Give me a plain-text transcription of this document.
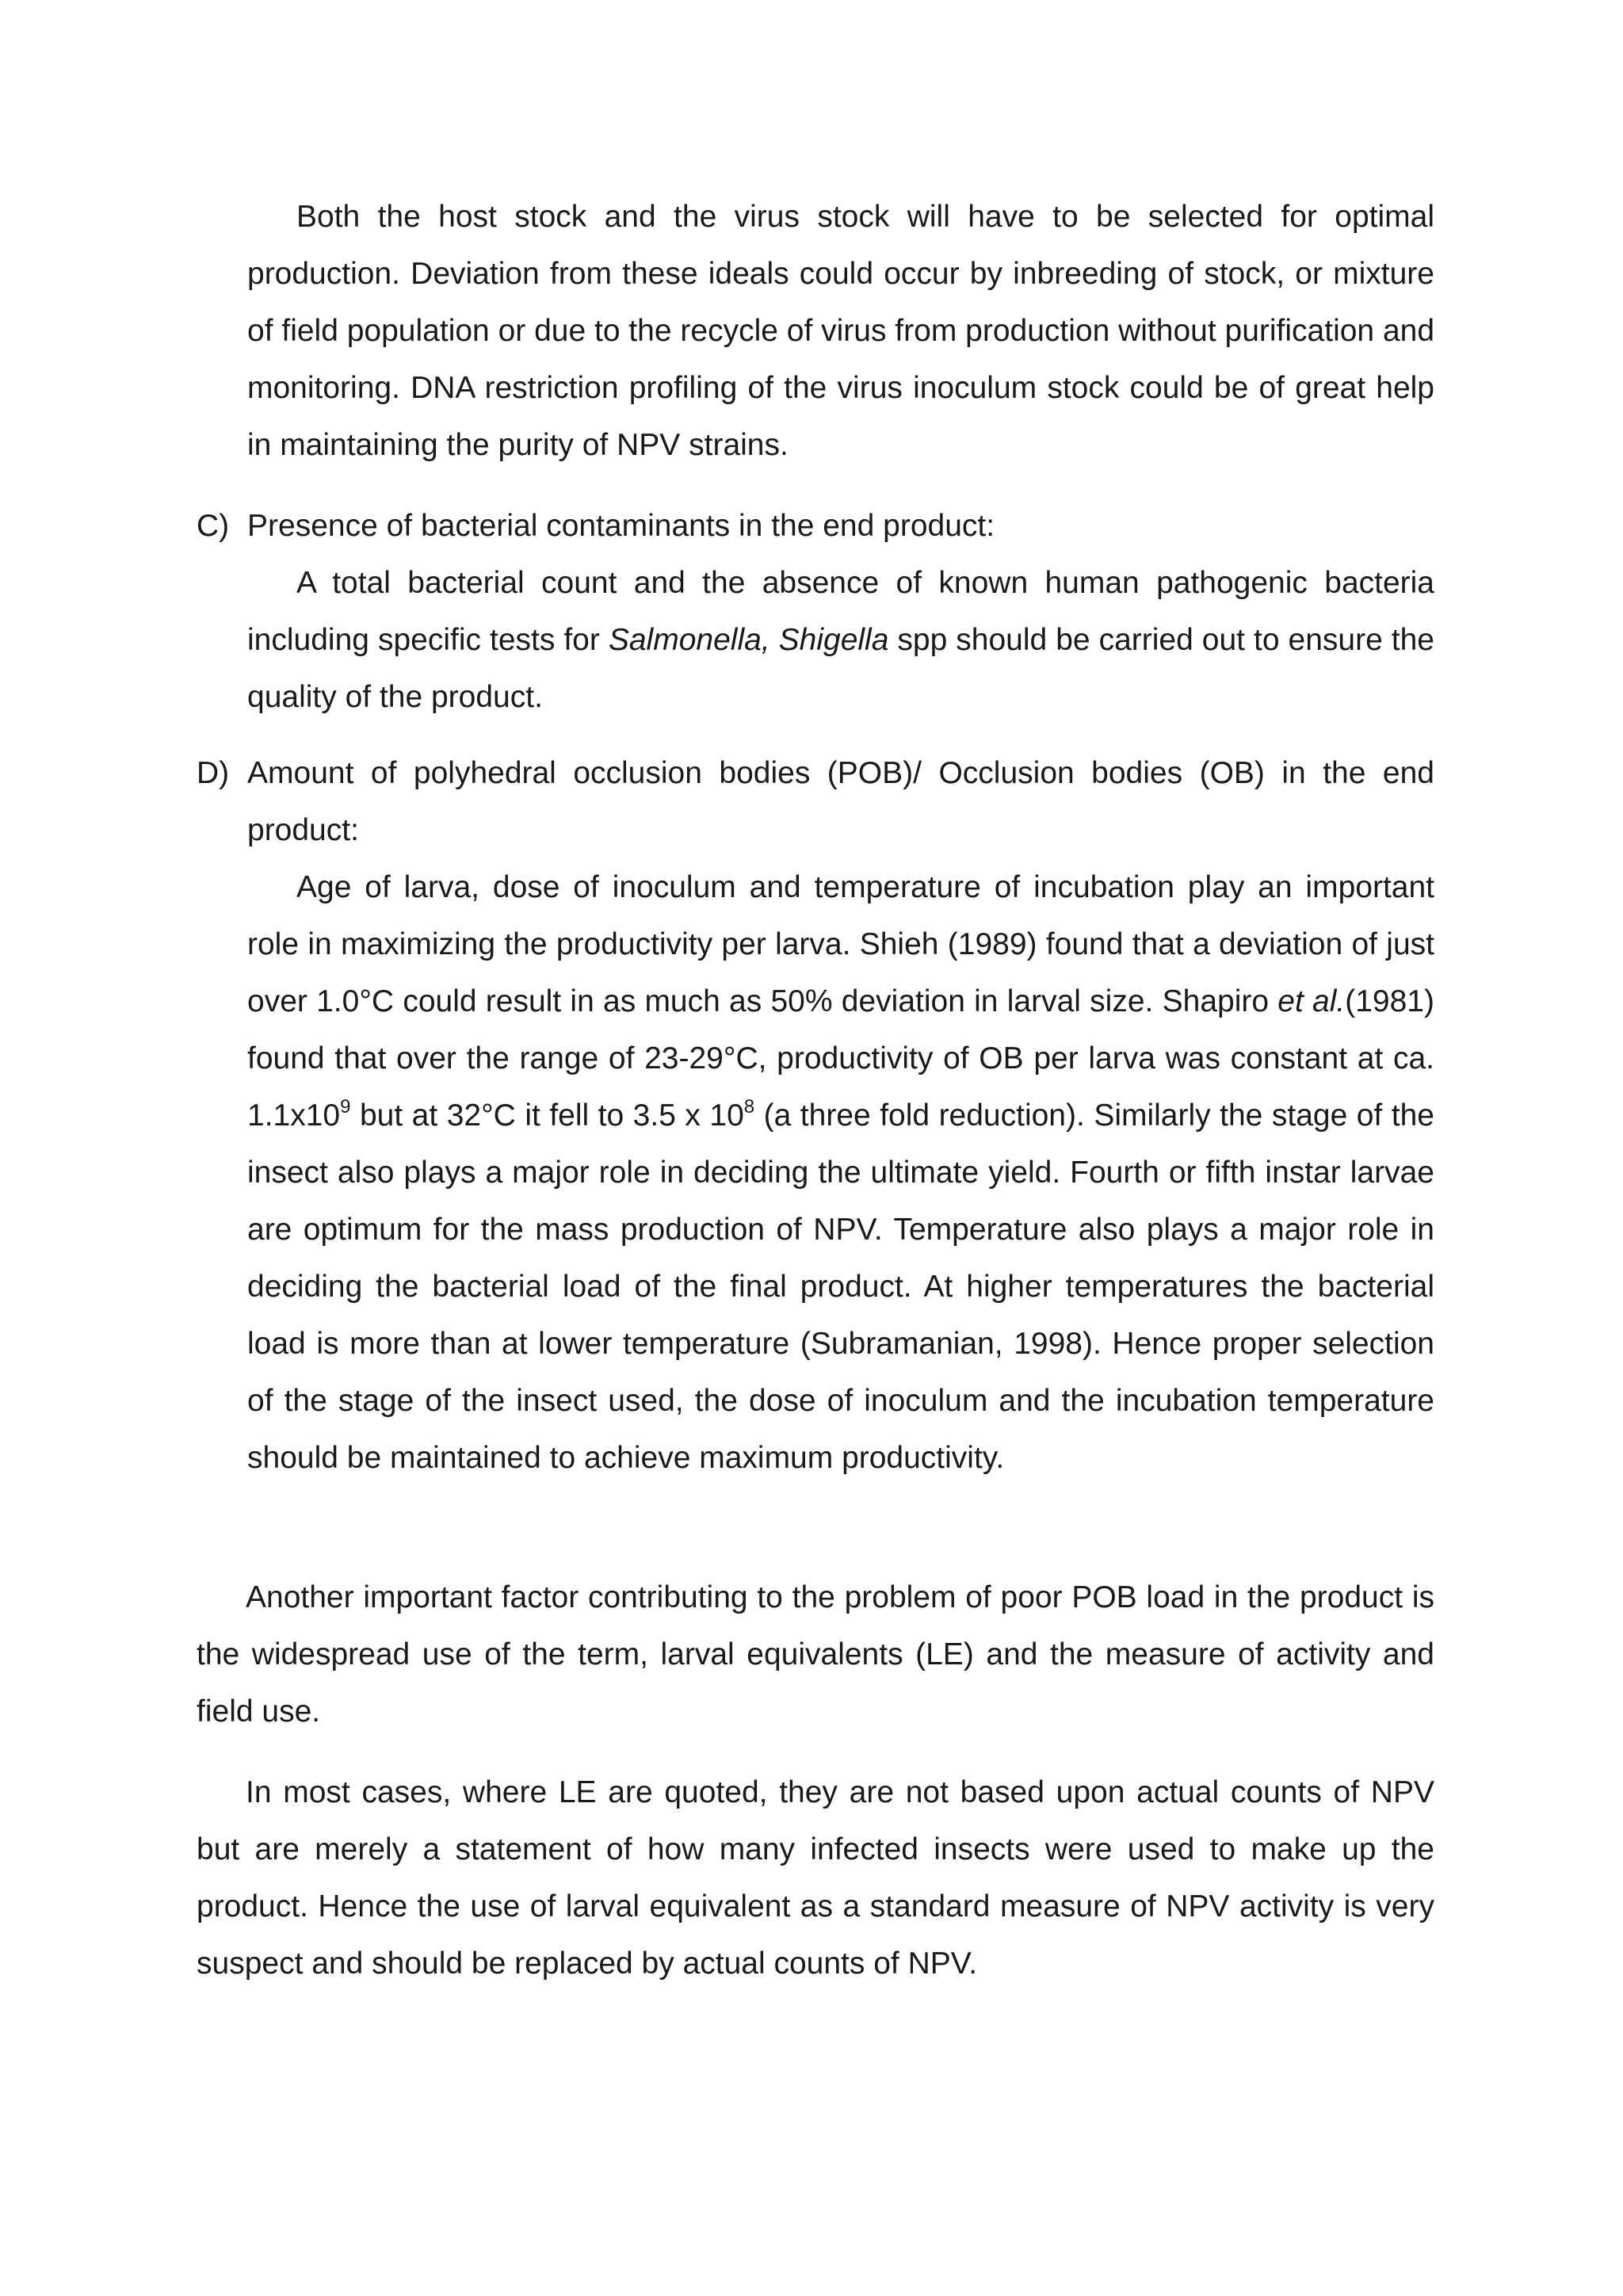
Both the host stock and the virus stock will have to be selected for optimal production. Deviation from these ideals could occur by inbreeding of stock, or mixture of field population or due to the recycle of virus from production without purification and monitoring. DNA restriction profiling of the virus inoculum stock could be of great help in maintaining the purity of NPV strains.

C) Presence of bacterial contaminants in the end product:

A total bacterial count and the absence of known human pathogenic bacteria including specific tests for Salmonella, Shigella spp should be carried out to ensure the quality of the product.

D) Amount of polyhedral occlusion bodies (POB)/ Occlusion bodies (OB) in the end product:

Age of larva, dose of inoculum and temperature of incubation play an important role in maximizing the productivity per larva. Shieh (1989) found that a deviation of just over 1.0°C could result in as much as 50% deviation in larval size. Shapiro et al.(1981) found that over the range of 23-29°C, productivity of OB per larva was constant at ca. $1.1x10^9$ but at 32°C it fell to 3.5 x $10^8$ (a three fold reduction). Similarly the stage of the insect also plays a major role in deciding the ultimate yield. Fourth or fifth instar larvae are optimum for the mass production of NPV. Temperature also plays a major role in deciding the bacterial load of the final product. At higher temperatures the bacterial load is more than at lower temperature (Subramanian, 1998). Hence proper selection of the stage of the insect used, the dose of inoculum and the incubation temperature should be maintained to achieve maximum productivity.

Another important factor contributing to the problem of poor POB load in the product is the widespread use of the term, larval equivalents (LE) and the measure of activity and field use.

In most cases, where LE are quoted, they are not based upon actual counts of NPV but are merely a statement of how many infected insects were used to make up the product. Hence the use of larval equivalent as a standard measure of NPV activity is very suspect and should be replaced by actual counts of NPV.
